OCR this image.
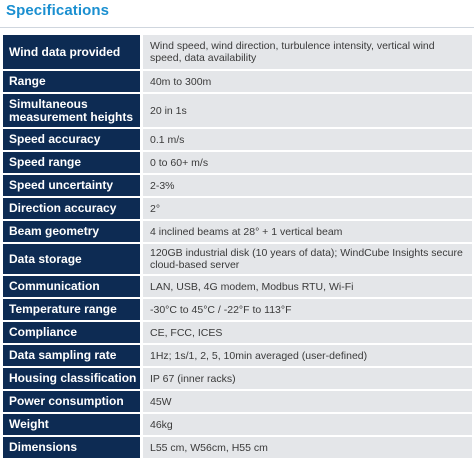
Specifications
Wind data provided	Wind speed, wind direction, turbulence intensity, vertical wind speed, data availability
Range	40m to 300m
Simultaneous measurement heights	20 in 1s
Speed accuracy	0.1 m/s
Speed range	0 to 60+ m/s
Speed uncertainty	2-3%
Direction accuracy	2°
Beam geometry	4 inclined beams at 28° + 1 vertical beam
Data storage	120GB industrial disk (10 years of data); WindCube Insights secure cloud-based server
Communication	LAN, USB, 4G modem, Modbus RTU, Wi-Fi
Temperature range	-30°C to 45°C / -22°F to 113°F
Compliance	CE, FCC, ICES
Data sampling rate	1Hz; 1s/1, 2, 5, 10min averaged (user-defined)
Housing classification	IP 67 (inner racks)
Power consumption	45W
Weight	46kg
Dimensions	L55 cm, W56cm, H55 cm
